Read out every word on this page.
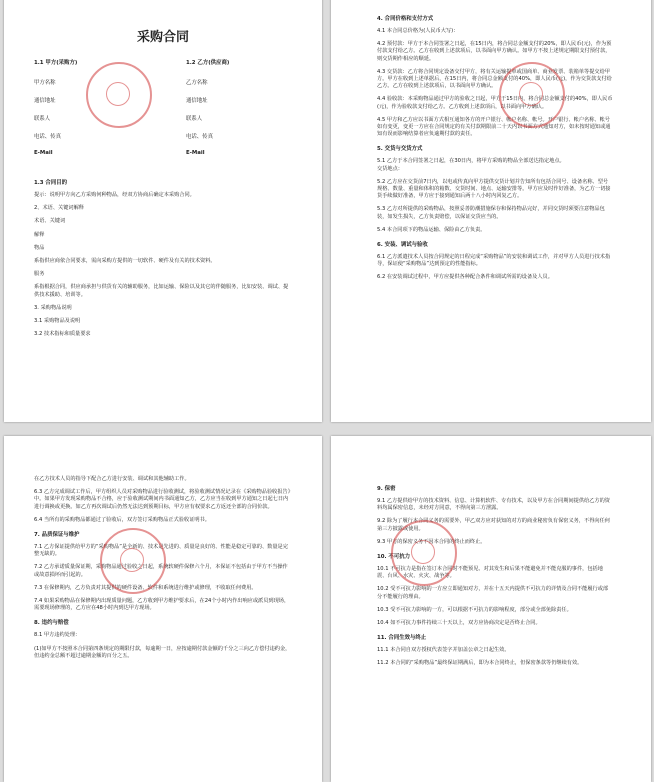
采购合同

1.1 甲方(采购方)	1.2 乙方(供应商)
甲方名称
通信地址
联系人
电话、传真
E-Mail
乙方名称
通信地址
联系人
电话、传真
E-Mail

1.3 合同目的

提示：说明甲方向乙方采购何种物品，经双方协商后确定本采购合同。

2、术语、关键词解释

术语、关键词

解释

物品

系指供应商依合同要求，需向采购方提供的一切软件、硬件及有关的技术资料。

服务

系指根据合同，供应商承担与供货有关的辅助服务，比如运输、保险以及其它的伴随服务，比如安装、调试、提供技术援助、培训等。

3. 采购物品说明

3.1 采购物品及说明

3.2 技术指标和质量要求

4. 合同价格和支付方式

4.1 本合同总价格为(人民币大写)：

4.2 预付款：甲方于本合同签署之日起，在15日内，将合同总金额支付的20%，即人民币(元)，作为预付款支付给乙方。乙方在收到上述款项后，以书面向甲方确认。如甲方不按上述规定期限支付预付款，则交货期作相应的顺延。

4.3 交货款：乙方将合同规定设备交付甲方，将有关运输提单或国商单、商业发票、装箱单等提交给甲方。甲方在收到上述单据后，在15日内，将合同总金额支付的40%，即人民币(元)，作为交货款支付给乙方。乙方在收到上述款项后，以书面向甲方确认。

4.4 验收款：本采购物品通过甲方的验收之日起，甲方于15日内，将合同总金额支付的40%，即人民币(元)，作为验收款支付给乙方。乙方收到上述款项后，以书面向甲方确认。

4.5 甲方和乙方应以书面方式相互通知各方的开户银行、帐户名称、帐号。开户银行、帐户名称、帐号如有变更，变更一方应在合同规定的有关付款期限前二十天内以书面方式通知对方，如未按时通知或通知有误而影响结算者应负逾期付款的责任。

5. 交货与交货方式

5.1 乙方于本合同签署之日起，在30日内，将甲方采购的物品全部送达指定地点。

交货地点：

5.2 乙方应在交货前7日内，以电或传真向甲方提供交货计划并告知所有包括合同号、设备名称、型号规格、数量、重量和体积的箱数、交货时间、地点、运输安排等。甲方应及时作好准备，为乙方一切接货手续做好准备，甲方应于接到通知后两十八小时内回复乙方。

5.3 乙方对所提供的采购物品，按照妥善防潮措施保存和保持物品完好，并同交货时须要注意物品包装，如发生损失，乙方负责赔偿，以保证交货应当的。

5.4 本合同项下的物品运输、保险由乙方负责。

6. 安装、调试与验收

6.1 乙方派遣技术人员按合同规定的日程完成“采购物品”的安装和调试工作，并对甲方人员进行技术指导，保证使“采购物品”达到预定的性能指标。

6.2 在安装调试过程中，甲方应提供各种配合条件和调试所需的设备及人员。

在乙方技术人员的指导下配合乙方进行安装、调试和其他辅助工作。

6.3 乙方完成调试工作后，甲方组织人员对采购物品进行验收测试，将验收测试情况记录在《采购物品验收报告》中。如果甲方发现采购物品不合格，应于验收测试期间内书面通知乙方，乙方应当在收到甲方通知之日起七日内进行调换或更换。如乙方再次调试后仍然无法达到预期目标，甲方应有权要求乙方返还全部的合同价款。

6.4 当所有的采购物品都通过了验收后，双方签订采购物品正式验收证明书。

7. 品质保证与维护

7.1 乙方保证提供给甲方的“采购物品”是全新的、技术是先进的、质量是良好的、性能是稳定可靠的、数量是完整无缺的。

7.2 乙方承诺质量保证期，采购物品通过验收之日起，系统软硬件保修六个月，本保证不包括由于甲方不当操作或故意损坏而引起的。

7.3 在保修期内，乙方负责对其提供的硬件设备、软件和系统进行维护或修理，不收取任何费用。

7.4 如果采购物品在保修期内出现质量问题，乙方收到甲方维护要求后，在24个小时内作出响应或派员到现场，需要现场修理的，乙方应在48小时内到达甲方现场。

8. 违约与赔偿

8.1 甲方违约处理：

(1)如甲方不按照本合同第四条规定的期限付款，每逾期一日，应按逾期付款金额的千分之三向乙方偿付违约金，但违约金总额不超过逾期金额的百分之五。

9. 保密

9.1 乙方提供给甲方的技术资料、信息、计算机软件、专有技术，以及甲方在合同期间提供给乙方的资料均属保密信息，未经对方同意，不得向第三方泄露。

9.2 除为了履行本合同义务的需要外，甲乙双方应对获知的对方的商业秘密负有保密义务，不得向任何第三方披露或使用。

9.3 甲方的保密义务不因本合同的终止而终止。

10. 不可抗力

10.1 不可抗力是指在签订本合同时不能预见、对其发生和后果不能避免并不能克服的事件，包括地震、台风、水灾、火灾、战争等。

10.2 受不可抗力影响的一方应立即通知对方，并在十五天内提供不可抗力的详情及合同不能履行或部分不能履行的理由。

10.3 受不可抗力影响的一方，可以根据不可抗力的影响程度，部分或全部免除责任。

10.4 如不可抗力事件持续三十天以上，双方应协商决定是否终止合同。

11. 合同生效与终止

11.1 本合同自双方授权代表签字并加盖公章之日起生效。

11.2 本合同的“采购物品”最终保证期满后，即为本合同终止，但保密条款等仍继续有效。
